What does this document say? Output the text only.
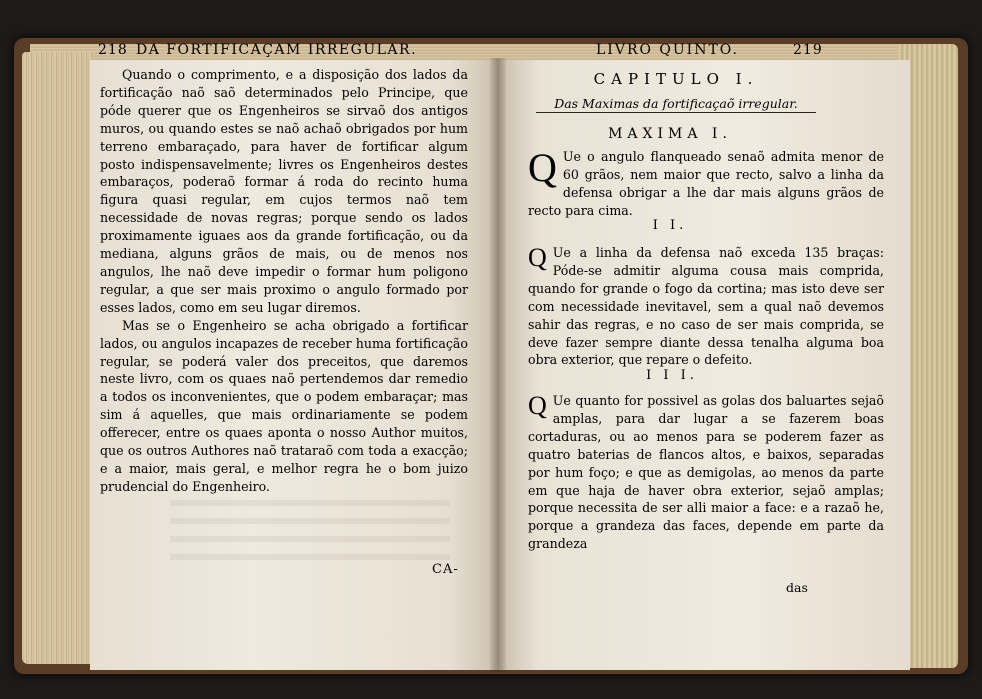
218 DA FORTIFICAÇAM IRREGULAR.

Quando o comprimento, e a disposição dos lados da fortificação naõ saõ determinados pelo Principe, que póde querer que os Engenheiros se sirvaõ dos antigos muros, ou quando estes se naõ achaõ obrigados por hum terreno embaraçado, para haver de fortificar algum posto indispensavelmente; livres os Engenheiros destes embaraços, poderaõ formar á roda do recinto huma figura quasi regular, em cujos termos naõ tem necessidade de novas regras; porque sendo os lados proximamente iguaes aos da grande fortificação, ou da mediana, alguns grãos de mais, ou de menos nos angulos, lhe naõ deve impedir o formar hum poligono regular, a que ser mais proximo o angulo formado por esses lados, como em seu lugar diremos.

Mas se o Engenheiro se acha obrigado a fortificar lados, ou angulos incapazes de receber huma fortificação regular, se poderá valer dos preceitos, que daremos neste livro, com os quaes naõ pertendemos dar remedio a todos os inconvenientes, que o podem embaraçar; mas sim á aquelles, que mais ordinariamente se podem offerecer, entre os quaes aponta o nosso Author muitos, que os outros Authores naõ trataraõ com toda a exacção; e a maior, mais geral, e melhor regra he o bom juizo prudencial do Engenheiro.

CA-
LIVRO QUINTO.	219
CAPITULO I.
Das Maximas da fortificaçaõ irregular.
MAXIMA I.
Q Ue o angulo flanqueado senaõ admita menor de 60 grãos, nem maior que recto, salvo a linha da defensa obrigar a lhe dar mais alguns grãos de recto para cima.
I I.
Q Ue a linha da defensa naõ exceda 135 braças: Póde-se admitir alguma cousa mais comprida, quando for grande o fogo da cortina; mas isto deve ser com necessidade inevitavel, sem a qual naõ devemos sahir das regras, e no caso de ser mais comprida, se deve fazer sempre diante dessa tenalha alguma boa obra exterior, que repare o defeito.
I I I.
Q Ue quanto for possivel as golas dos baluartes sejaõ amplas, para dar lugar a se fazerem boas cortaduras, ou ao menos para se poderem fazer as quatro baterias de flancos altos, e baixos, separadas por hum foço; e que as demigolas, ao menos da parte em que haja de haver obra exterior, sejaõ amplas; porque necessita de ser alli maior a face: e a razaõ he, porque a grandeza das faces, depende em parte da grandeza
das
